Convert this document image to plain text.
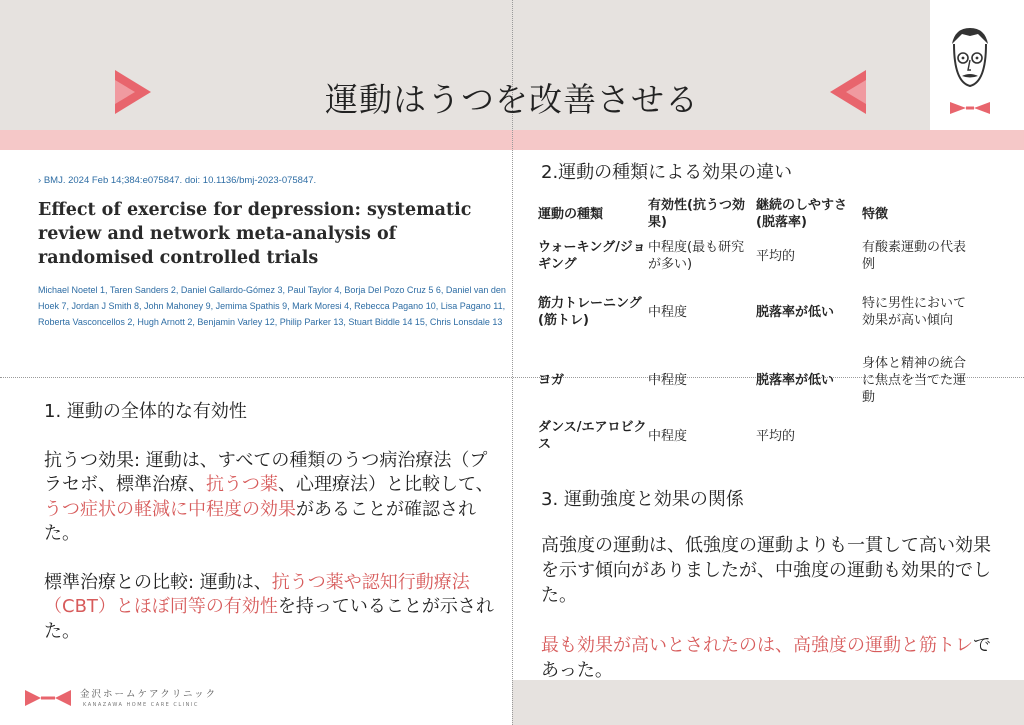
運動はうつを改善させる
› BMJ. 2024 Feb 14;384:e075847. doi: 10.1136/bmj-2023-075847.
Effect of exercise for depression: systematic review and network meta-analysis of randomised controlled trials
Michael Noetel 1, Taren Sanders 2, Daniel Gallardo-Gómez 3, Paul Taylor 4, Borja Del Pozo Cruz 5 6, Daniel van den Hoek 7, Jordan J Smith 8, John Mahoney 9, Jemima Spathis 9, Mark Moresi 4, Rebecca Pagano 10, Lisa Pagano 11, Roberta Vasconcellos 2, Hugh Arnott 2, Benjamin Varley 12, Philip Parker 13, Stuart Biddle 14 15, Chris Lonsdale 13
1. 運動の全体的な有効性
抗うつ効果: 運動は、すべての種類のうつ病治療法（プラセボ、標準治療、抗うつ薬、心理療法）と比較して、うつ症状の軽減に中程度の効果があることが確認された。
標準治療との比較: 運動は、抗うつ薬や認知行動療法（CBT）とほぼ同等の有効性を持っていることが示された。
2.運動の種類による効果の違い
運動の種類	有効性(抗うつ効果)	継続のしやすさ(脱落率)	特徴
ウォーキング/ジョギング	中程度(最も研究が多い)	平均的	有酸素運動の代表例
筋力トレーニング(筋トレ)	中程度	脱落率が低い	特に男性において効果が高い傾向
ヨガ	中程度	脱落率が低い	身体と精神の統合に焦点を当てた運動
ダンス/エアロビクス	中程度	平均的	
3. 運動強度と効果の関係
高強度の運動は、低強度の運動よりも一貫して高い効果を示す傾向がありましたが、中強度の運動も効果的でした。
最も効果が高いとされたのは、高強度の運動と筋トレであった。
金沢ホームケアクリニック
KANAZAWA HOME CARE CLINIC
